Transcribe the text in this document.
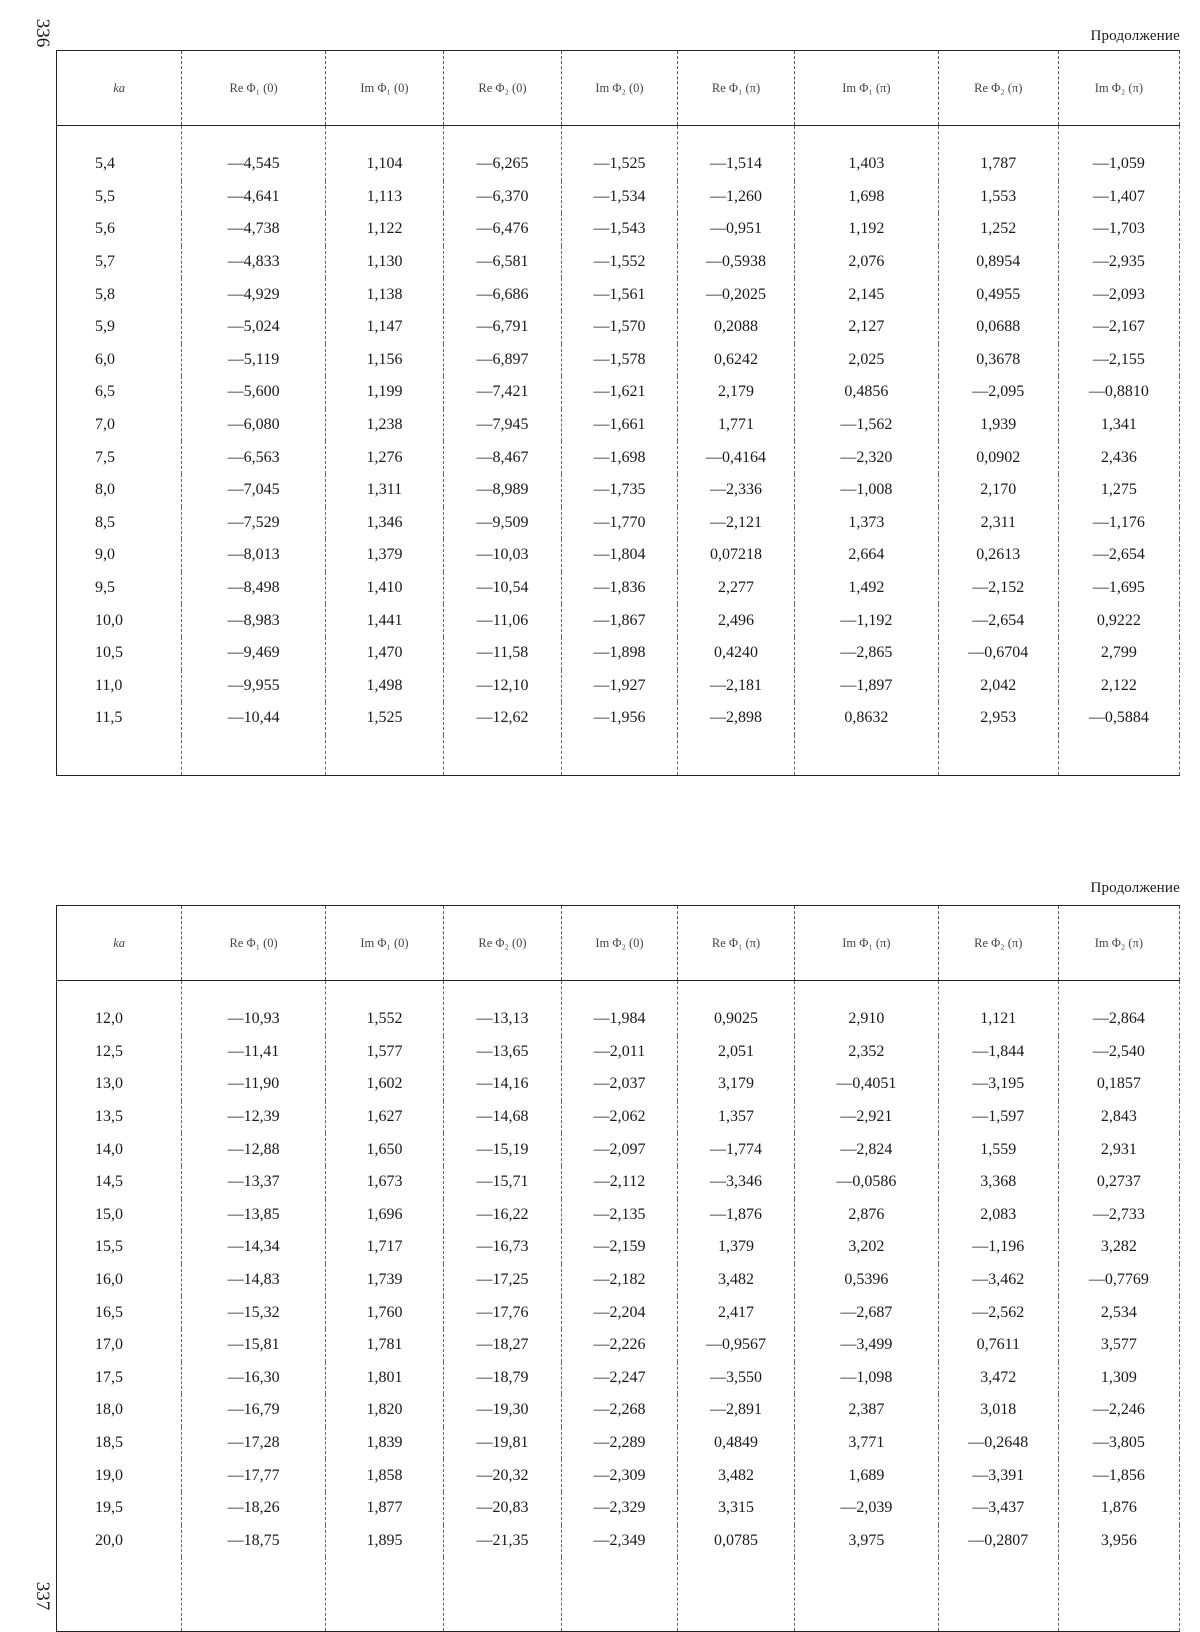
336	Продолжение
ka	Re Φ₁ (0)	Im Φ₁ (0)	Re Φ₂ (0)	Im Φ₂ (0)	Re Φ₁ (π)	Im Φ₁ (π)	Re Φ₂ (π)	Im Φ₂ (π)
5,4	—4,545	1,104	—6,265	—1,525	—1,514	1,403	1,787	—1,059
5,5	—4,641	1,113	—6,370	—1,534	—1,260	1,698	1,553	—1,407
5,6	—4,738	1,122	—6,476	—1,543	—0,951	1,192	1,252	—1,703
5,7	—4,833	1,130	—6,581	—1,552	—0,5938	2,076	0,8954	—2,935
5,8	—4,929	1,138	—6,686	—1,561	—0,2025	2,145	0,4955	—2,093
5,9	—5,024	1,147	—6,791	—1,570	0,2088	2,127	0,0688	—2,167
6,0	—5,119	1,156	—6,897	—1,578	0,6242	2,025	0,3678	—2,155
6,5	—5,600	1,199	—7,421	—1,621	2,179	0,4856	—2,095	—0,8810
7,0	—6,080	1,238	—7,945	—1,661	1,771	—1,562	1,939	1,341
7,5	—6,563	1,276	—8,467	—1,698	—0,4164	—2,320	0,0902	2,436
8,0	—7,045	1,311	—8,989	—1,735	—2,336	—1,008	2,170	1,275
8,5	—7,529	1,346	—9,509	—1,770	—2,121	1,373	2,311	—1,176
9,0	—8,013	1,379	—10,03	—1,804	0,07218	2,664	0,2613	—2,654
9,5	—8,498	1,410	—10,54	—1,836	2,277	1,492	—2,152	—1,695
10,0	—8,983	1,441	—11,06	—1,867	2,496	—1,192	—2,654	0,9222
10,5	—9,469	1,470	—11,58	—1,898	0,4240	—2,865	—0,6704	2,799
11,0	—9,955	1,498	—12,10	—1,927	—2,181	—1,897	2,042	2,122
11,5	—10,44	1,525	—12,62	—1,956	—2,898	0,8632	2,953	—0,5884

Продолжение
ka	Re Φ₁ (0)	Im Φ₁ (0)	Re Φ₂ (0)	Im Φ₂ (0)	Re Φ₁ (π)	Im Φ₁ (π)	Re Φ₂ (π)	Im Φ₂ (π)
12,0	—10,93	1,552	—13,13	—1,984	0,9025	2,910	1,121	—2,864
12,5	—11,41	1,577	—13,65	—2,011	2,051	2,352	—1,844	—2,540
13,0	—11,90	1,602	—14,16	—2,037	3,179	—0,4051	—3,195	0,1857
13,5	—12,39	1,627	—14,68	—2,062	1,357	—2,921	—1,597	2,843
14,0	—12,88	1,650	—15,19	—2,097	—1,774	—2,824	1,559	2,931
14,5	—13,37	1,673	—15,71	—2,112	—3,346	—0,0586	3,368	0,2737
15,0	—13,85	1,696	—16,22	—2,135	—1,876	2,876	2,083	—2,733
15,5	—14,34	1,717	—16,73	—2,159	1,379	3,202	—1,196	3,282
16,0	—14,83	1,739	—17,25	—2,182	3,482	0,5396	—3,462	—0,7769
16,5	—15,32	1,760	—17,76	—2,204	2,417	—2,687	—2,562	2,534
17,0	—15,81	1,781	—18,27	—2,226	—0,9567	—3,499	0,7611	3,577
17,5	—16,30	1,801	—18,79	—2,247	—3,550	—1,098	3,472	1,309
18,0	—16,79	1,820	—19,30	—2,268	—2,891	2,387	3,018	—2,246
18,5	—17,28	1,839	—19,81	—2,289	0,4849	3,771	—0,2648	—3,805
19,0	—17,77	1,858	—20,32	—2,309	3,482	1,689	—3,391	—1,856
19,5	—18,26	1,877	—20,83	—2,329	3,315	—2,039	—3,437	1,876
20,0	—18,75	1,895	—21,35	—2,349	0,0785	3,975	—0,2807	3,956

337
